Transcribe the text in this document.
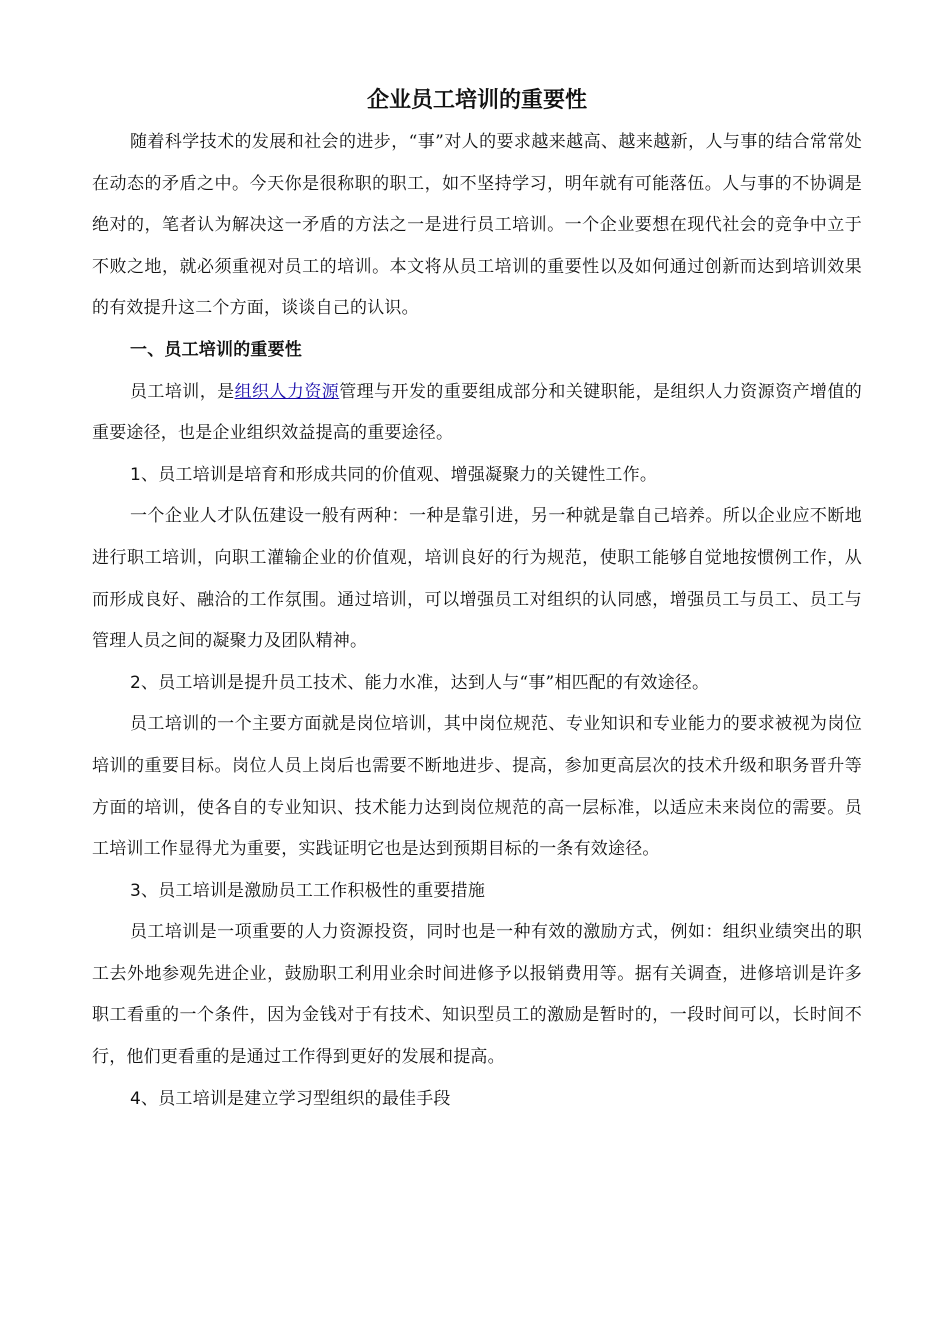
企业员工培训的重要性

随着科学技术的发展和社会的进步，“事”对人的要求越来越高、越来越新，人与事的结合常常处在动态的矛盾之中。今天你是很称职的职工，如不坚持学习，明年就有可能落伍。人与事的不协调是绝对的，笔者认为解决这一矛盾的方法之一是进行员工培训。一个企业要想在现代社会的竞争中立于不败之地，就必须重视对员工的培训。本文将从员工培训的重要性以及如何通过创新而达到培训效果的有效提升这二个方面，谈谈自己的认识。

一、员工培训的重要性

员工培训，是组织人力资源管理与开发的重要组成部分和关键职能，是组织人力资源资产增值的重要途径，也是企业组织效益提高的重要途径。

1、员工培训是培育和形成共同的价值观、增强凝聚力的关键性工作。

一个企业人才队伍建设一般有两种：一种是靠引进，另一种就是靠自己培养。所以企业应不断地进行职工培训，向职工灌输企业的价值观，培训良好的行为规范，使职工能够自觉地按惯例工作，从而形成良好、融洽的工作氛围。通过培训，可以增强员工对组织的认同感，增强员工与员工、员工与管理人员之间的凝聚力及团队精神。

2、员工培训是提升员工技术、能力水准，达到人与“事”相匹配的有效途径。

员工培训的一个主要方面就是岗位培训，其中岗位规范、专业知识和专业能力的要求被视为岗位培训的重要目标。岗位人员上岗后也需要不断地进步、提高，参加更高层次的技术升级和职务晋升等方面的培训，使各自的专业知识、技术能力达到岗位规范的高一层标准，以适应未来岗位的需要。员工培训工作显得尤为重要，实践证明它也是达到预期目标的一条有效途径。

3、员工培训是激励员工工作积极性的重要措施

员工培训是一项重要的人力资源投资，同时也是一种有效的激励方式，例如：组织业绩突出的职工去外地参观先进企业，鼓励职工利用业余时间进修予以报销费用等。据有关调查，进修培训是许多职工看重的一个条件，因为金钱对于有技术、知识型员工的激励是暂时的，一段时间可以，长时间不行，他们更看重的是通过工作得到更好的发展和提高。

4、员工培训是建立学习型组织的最佳手段
